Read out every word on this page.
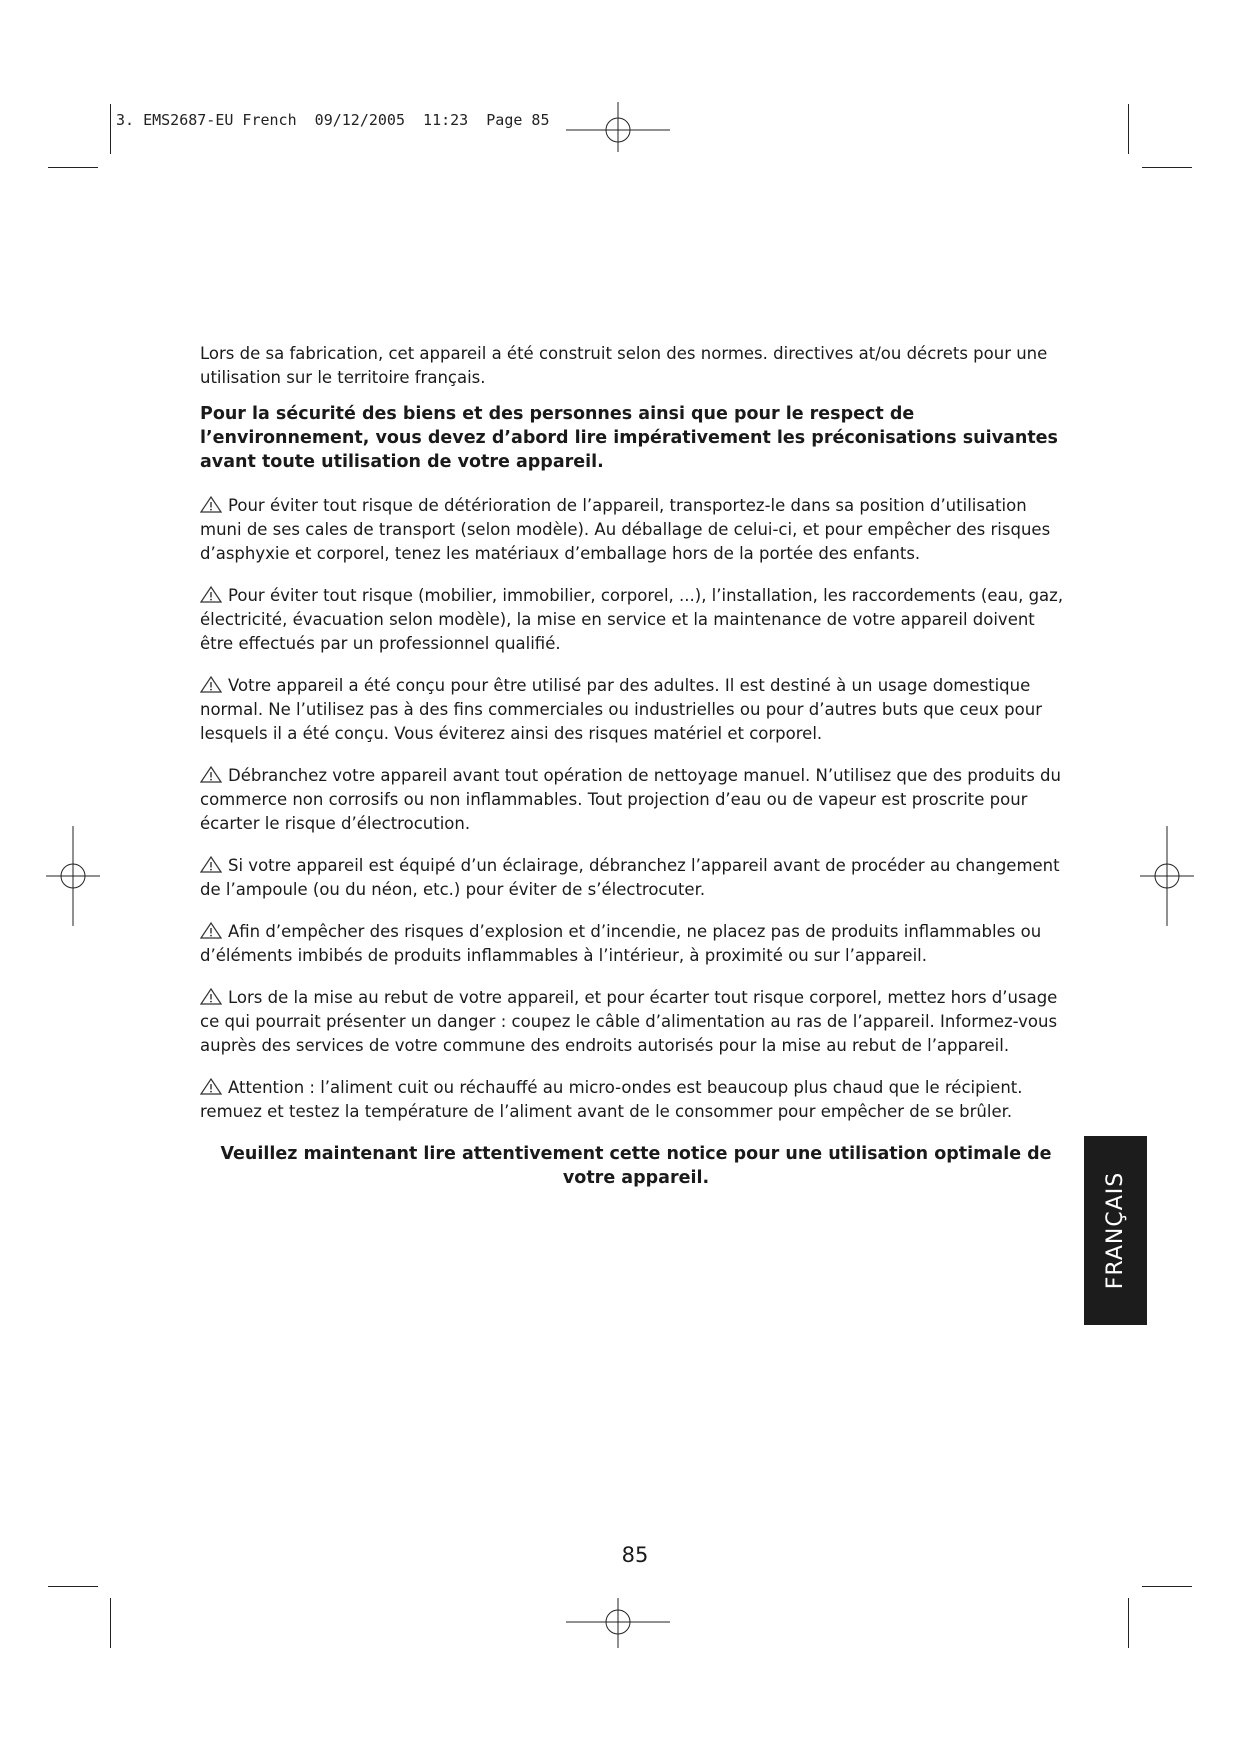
3. EMS2687-EU French  09/12/2005  11:23  Page 85

Lors de sa fabrication, cet appareil a été construit selon des normes. directives at/ou décrets pour une utilisation sur le territoire français.

Pour la sécurité des biens et des personnes ainsi que pour le respect de l’environnement, vous devez d’abord lire impérativement les préconisations suivantes avant toute utilisation de votre appareil.

Pour éviter tout risque de détérioration de l’appareil, transportez-le dans sa position d’utilisation muni de ses cales de transport (selon modèle). Au déballage de celui-ci, et pour empêcher des risques d’asphyxie et corporel, tenez les matériaux d’emballage hors de la portée des enfants.

Pour éviter tout risque (mobilier, immobilier, corporel, ...), l’installation, les raccordements (eau, gaz, électricité, évacuation selon modèle), la mise en service et la maintenance de votre appareil doivent être effectués par un professionnel qualifié.

Votre appareil a été conçu pour être utilisé par des adultes. Il est destiné à un usage domestique normal. Ne l’utilisez pas à des fins commerciales ou industrielles ou pour d’autres buts que ceux pour lesquels il a été conçu. Vous éviterez ainsi des risques matériel et corporel.

Débranchez votre appareil avant tout opération de nettoyage manuel. N’utilisez que des produits du commerce non corrosifs ou non inflammables. Tout projection d’eau ou de vapeur est proscrite pour écarter le risque d’électrocution.

Si votre appareil est équipé d’un éclairage, débranchez l’appareil avant de procéder au changement de l’ampoule (ou du néon, etc.) pour éviter de s’électrocuter.

Afin d’empêcher des risques d’explosion et d’incendie, ne placez pas de produits inflammables ou d’éléments imbibés de produits inflammables à l’intérieur, à proximité ou sur l’appareil.

Lors de la mise au rebut de votre appareil, et pour écarter tout risque corporel, mettez hors d’usage ce qui pourrait présenter un danger : coupez le câble d’alimentation au ras de l’appareil. Informez-vous auprès des services de votre commune des endroits autorisés pour la mise au rebut de l’appareil.

Attention : l’aliment cuit ou réchauffé au micro-ondes est beaucoup plus chaud que le récipient. remuez et testez la température de l’aliment avant de le consommer pour empêcher de se brûler.

Veuillez maintenant lire attentivement cette notice pour une utilisation optimale de votre appareil.	FRANÇAIS
85
